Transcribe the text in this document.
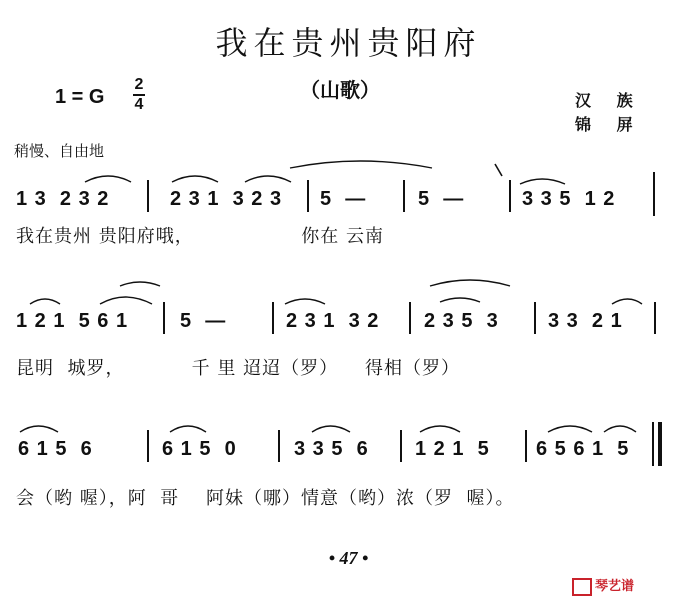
我在贵州贵阳府
1 = G
2
4
（山歌）	汉 族
锦 屏
稍慢、自由地
1 3  2 3 2	2 3 1  3 2 3 5  —	5  —	3 3 5  1 2
我在贵州 贵阳府哦，                你在 云南
1 2 1  5 6 1	5  —	2 3 1  3 2 2 3 5  3 3 3  2 1
昆明  城罗，          千 里 迢迢（罗）    得相（罗）
6 1 5  6	6 1 5  0	3 3 5  6 1 2 1  5 6 5 6 1  5
会（哟 喔），阿  哥    阿妹（哪）情意（哟）浓（罗  喔）。
• 47 •
琴艺谱
